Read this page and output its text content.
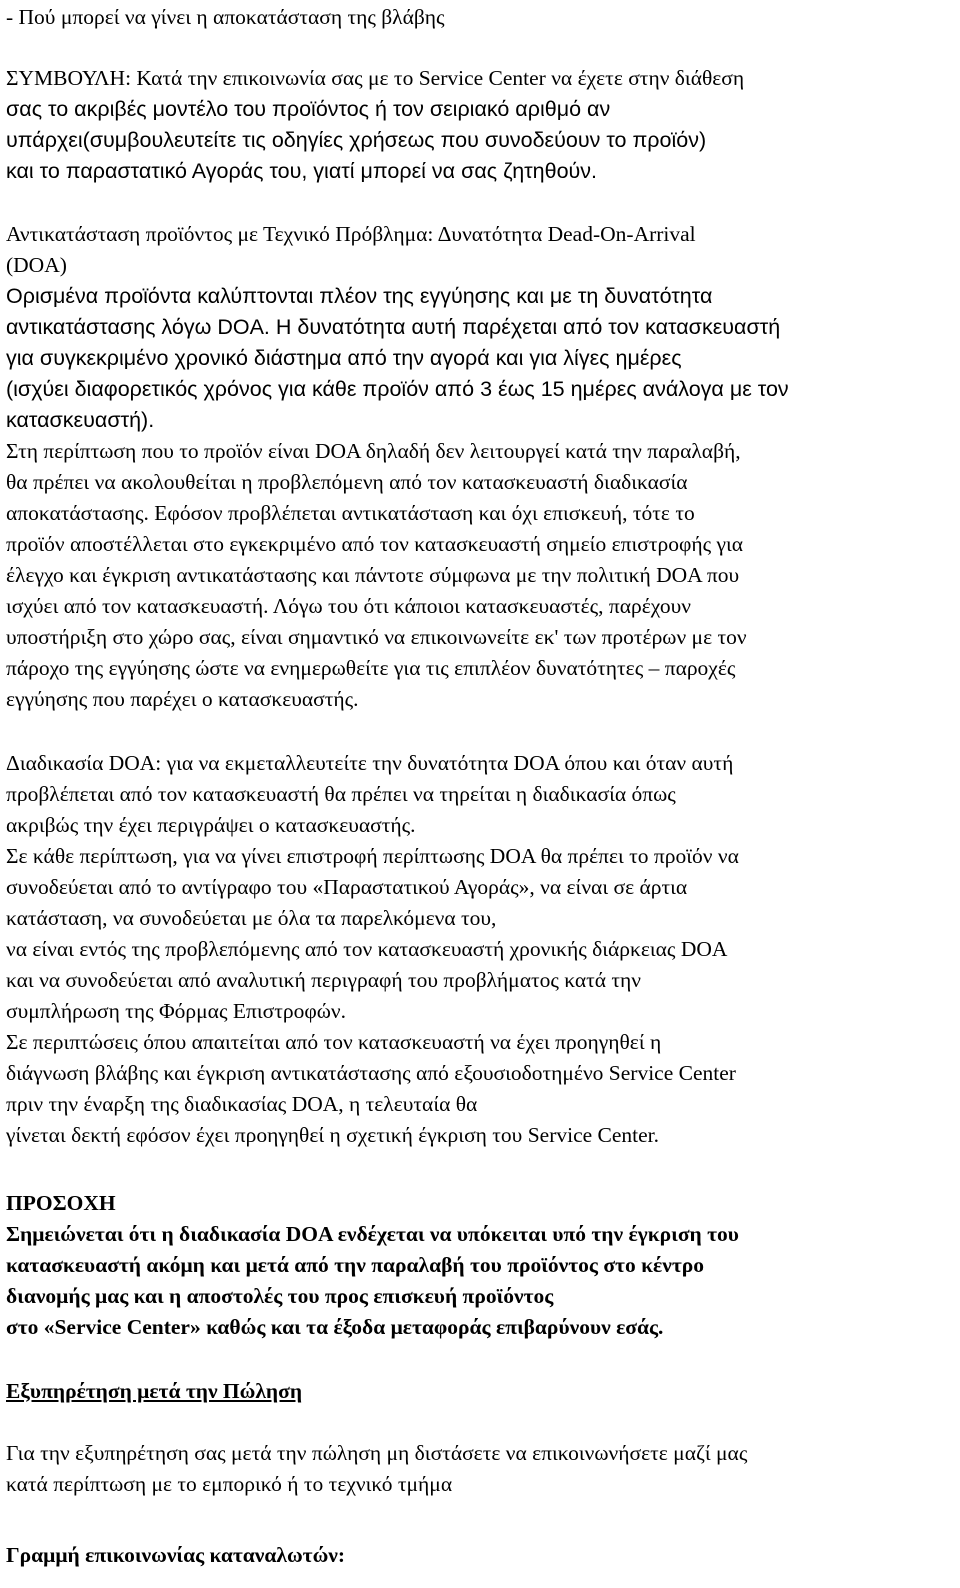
- Πού μπορεί να γίνει η αποκατάσταση της βλάβης
ΣΥΜΒΟΥΛΗ: Κατά την επικοινωνία σας με το Service Center να έχετε στην διάθεση
σας το ακριβές μοντέλο του προϊόντος ή τον σειριακό αριθμό αν
υπάρχει(συμβουλευτείτε τις οδηγίες χρήσεως που συνοδεύουν το προϊόν)
και το παραστατικό Αγοράς του, γιατί μπορεί να σας ζητηθούν.
Αντικατάσταση προϊόντος με Τεχνικό Πρόβλημα: Δυνατότητα Dead-On-Arrival
(DOA)
Ορισμένα προϊόντα καλύπτονται πλέον της εγγύησης και με τη δυνατότητα
αντικατάστασης λόγω DOA. Η δυνατότητα αυτή παρέχεται από τον κατασκευαστή
για συγκεκριμένο χρονικό διάστημα από την αγορά και για λίγες ημέρες
(ισχύει διαφορετικός χρόνος για κάθε προϊόν από 3 έως 15 ημέρες ανάλογα με τον
κατασκευαστή).
Στη περίπτωση που το προϊόν είναι DOA δηλαδή δεν λειτουργεί κατά την παραλαβή,
θα πρέπει να ακολουθείται η προβλεπόμενη από τον κατασκευαστή διαδικασία
αποκατάστασης. Εφόσον προβλέπεται αντικατάσταση και όχι επισκευή, τότε το
προϊόν αποστέλλεται στο εγκεκριμένο από τον κατασκευαστή σημείο επιστροφής για
έλεγχο και έγκριση αντικατάστασης και πάντοτε σύμφωνα με την πολιτική DOA που
ισχύει από τον κατασκευαστή. Λόγω του ότι κάποιοι κατασκευαστές, παρέχουν
υποστήριξη στο χώρο σας, είναι σημαντικό να επικοινωνείτε εκ' των προτέρων με τον
πάροχο της εγγύησης ώστε να ενημερωθείτε για τις επιπλέον δυνατότητες – παροχές
εγγύησης που παρέχει ο κατασκευαστής.
Διαδικασία DOA: για να εκμεταλλευτείτε την δυνατότητα DOA όπου και όταν αυτή
προβλέπεται από τον κατασκευαστή θα πρέπει να τηρείται η διαδικασία όπως
ακριβώς την έχει περιγράψει ο κατασκευαστής.
Σε κάθε περίπτωση, για να γίνει επιστροφή περίπτωσης DOA θα πρέπει το προϊόν να
συνοδεύεται από το αντίγραφο του «Παραστατικού Αγοράς», να είναι σε άρτια
κατάσταση, να συνοδεύεται με όλα τα παρελκόμενα του,
να είναι εντός της προβλεπόμενης από τον κατασκευαστή χρονικής διάρκειας DOA
και να συνοδεύεται από αναλυτική περιγραφή του προβλήματος κατά την
συμπλήρωση της Φόρμας Επιστροφών.
Σε περιπτώσεις όπου απαιτείται από τον κατασκευαστή να έχει προηγηθεί η
διάγνωση βλάβης και έγκριση αντικατάστασης από εξουσιοδοτημένο Service Center
πριν την έναρξη της διαδικασίας DOA, η τελευταία θα
γίνεται δεκτή εφόσον έχει προηγηθεί η σχετική έγκριση του Service Center.
ΠΡΟΣΟΧΗ
Σημειώνεται ότι η διαδικασία DOA ενδέχεται να υπόκειται υπό την έγκριση του
κατασκευαστή ακόμη και μετά από την παραλαβή του προϊόντος στο κέντρο
διανομής μας και η αποστολές του προς επισκευή προϊόντος
στο «Service Center» καθώς και τα έξοδα μεταφοράς επιβαρύνουν εσάς.
Εξυπηρέτηση μετά την Πώληση
Για την εξυπηρέτηση σας μετά την πώληση μη διστάσετε να επικοινωνήσετε μαζί μας
κατά περίπτωση με το εμπορικό ή το τεχνικό τμήμα
Γραμμή επικοινωνίας καταναλωτών:
